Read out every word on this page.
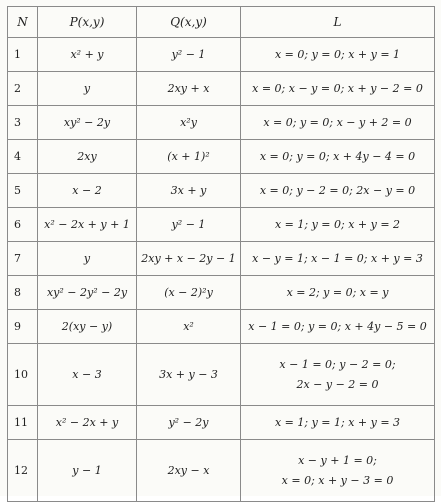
N	P(x,y)	Q(x,y)	L
1	x² + y	y² − 1	x = 0; y = 0; x + y = 1

2	y	2xy + x	x = 0; x − y = 0; x + y − 2 = 0

3	xy² − 2y	x²y	x = 0; y = 0; x − y + 2 = 0

4	2xy	(x + 1)²	x = 0; y = 0; x + 4y − 4 = 0

5	x − 2	3x + y	x = 0; y − 2 = 0; 2x − y = 0

6	x² − 2x + y + 1	y² − 1	x = 1; y = 0; x + y = 2

7	y	2xy + x − 2y − 1	x − y = 1; x − 1 = 0; x + y = 3

8	xy² − 2y² − 2y	(x − 2)²y	x = 2; y = 0; x = y

9	2(xy − y)	x²	x − 1 = 0; y = 0; x + 4y − 5 = 0

10	x − 3	3x + y − 3	x − 1 = 0; y − 2 = 0;
2x − y − 2 = 0

11	x² − 2x + y	y² − 2y	x = 1; y = 1; x + y = 3

12	y − 1	2xy − x	x − y + 1 = 0;
x = 0; x + y − 3 = 0
